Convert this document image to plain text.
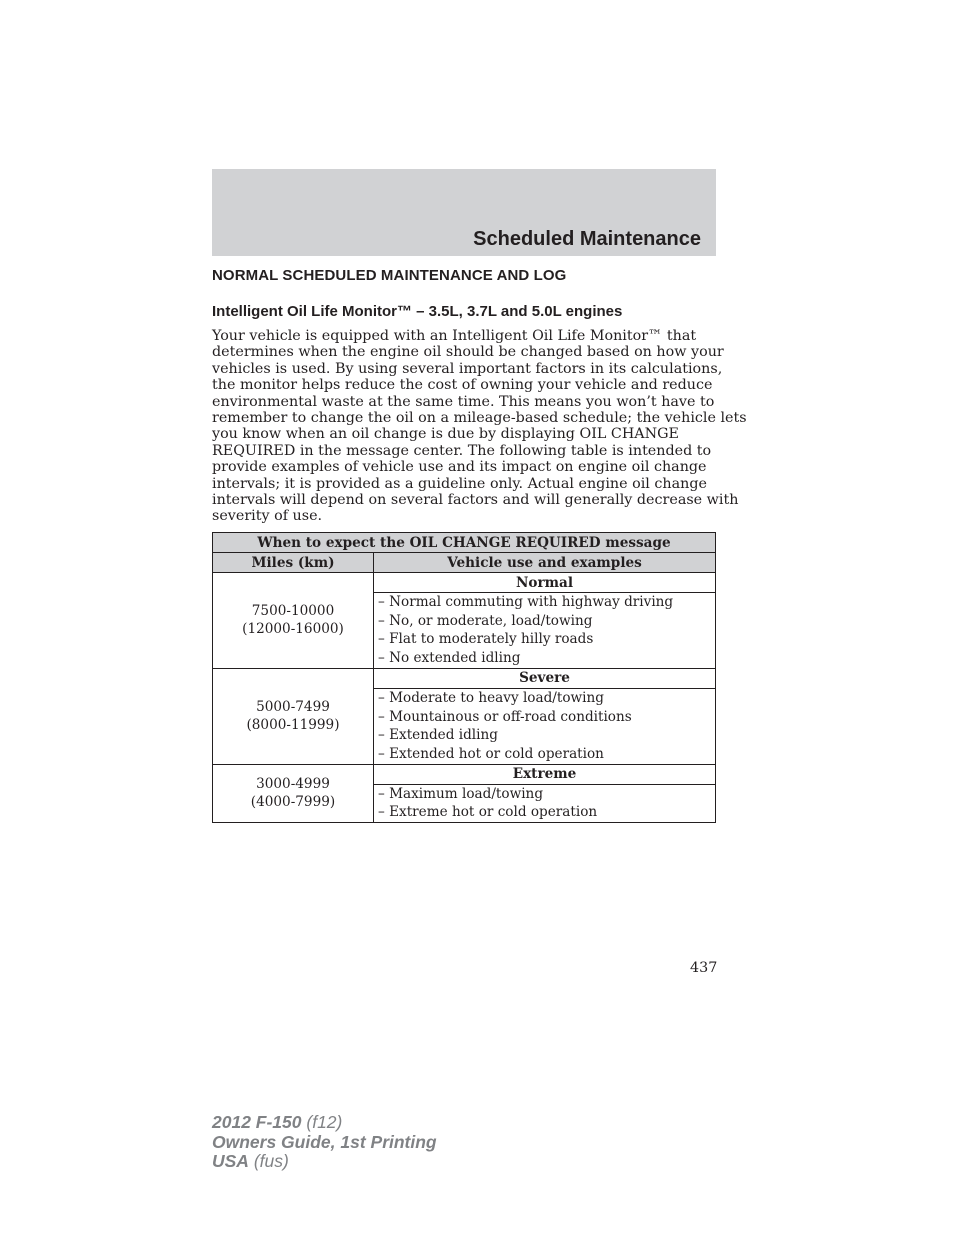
Scheduled Maintenance
NORMAL SCHEDULED MAINTENANCE AND LOG
Intelligent Oil Life Monitor™ – 3.5L, 3.7L and 5.0L engines
Your vehicle is equipped with an Intelligent Oil Life Monitor™ that
determines when the engine oil should be changed based on how your
vehicles is used. By using several important factors in its calculations,
the monitor helps reduce the cost of owning your vehicle and reduce
environmental waste at the same time. This means you won’t have to
remember to change the oil on a mileage-based schedule; the vehicle lets
you know when an oil change is due by displaying OIL CHANGE
REQUIRED in the message center. The following table is intended to
provide examples of vehicle use and its impact on engine oil change
intervals; it is provided as a guideline only. Actual engine oil change
intervals will depend on several factors and will generally decrease with
severity of use.
When to expect the OIL CHANGE REQUIRED message	
Miles (km)	Vehicle use and examples

7500-10000
(12000-16000)	Normal

	– Normal commuting with highway driving
– No, or moderate, load/towing
– Flat to moderately hilly roads
– No extended idling

5000-7499
(8000-11999)	Severe

	– Moderate to heavy load/towing
– Mountainous or off-road conditions
– Extended idling
– Extended hot or cold operation

3000-4999
(4000-7999)	Extreme

	– Maximum load/towing
– Extreme hot or cold operation
437
2012 F-150 (f12)
Owners Guide, 1st Printing
USA (fus)
